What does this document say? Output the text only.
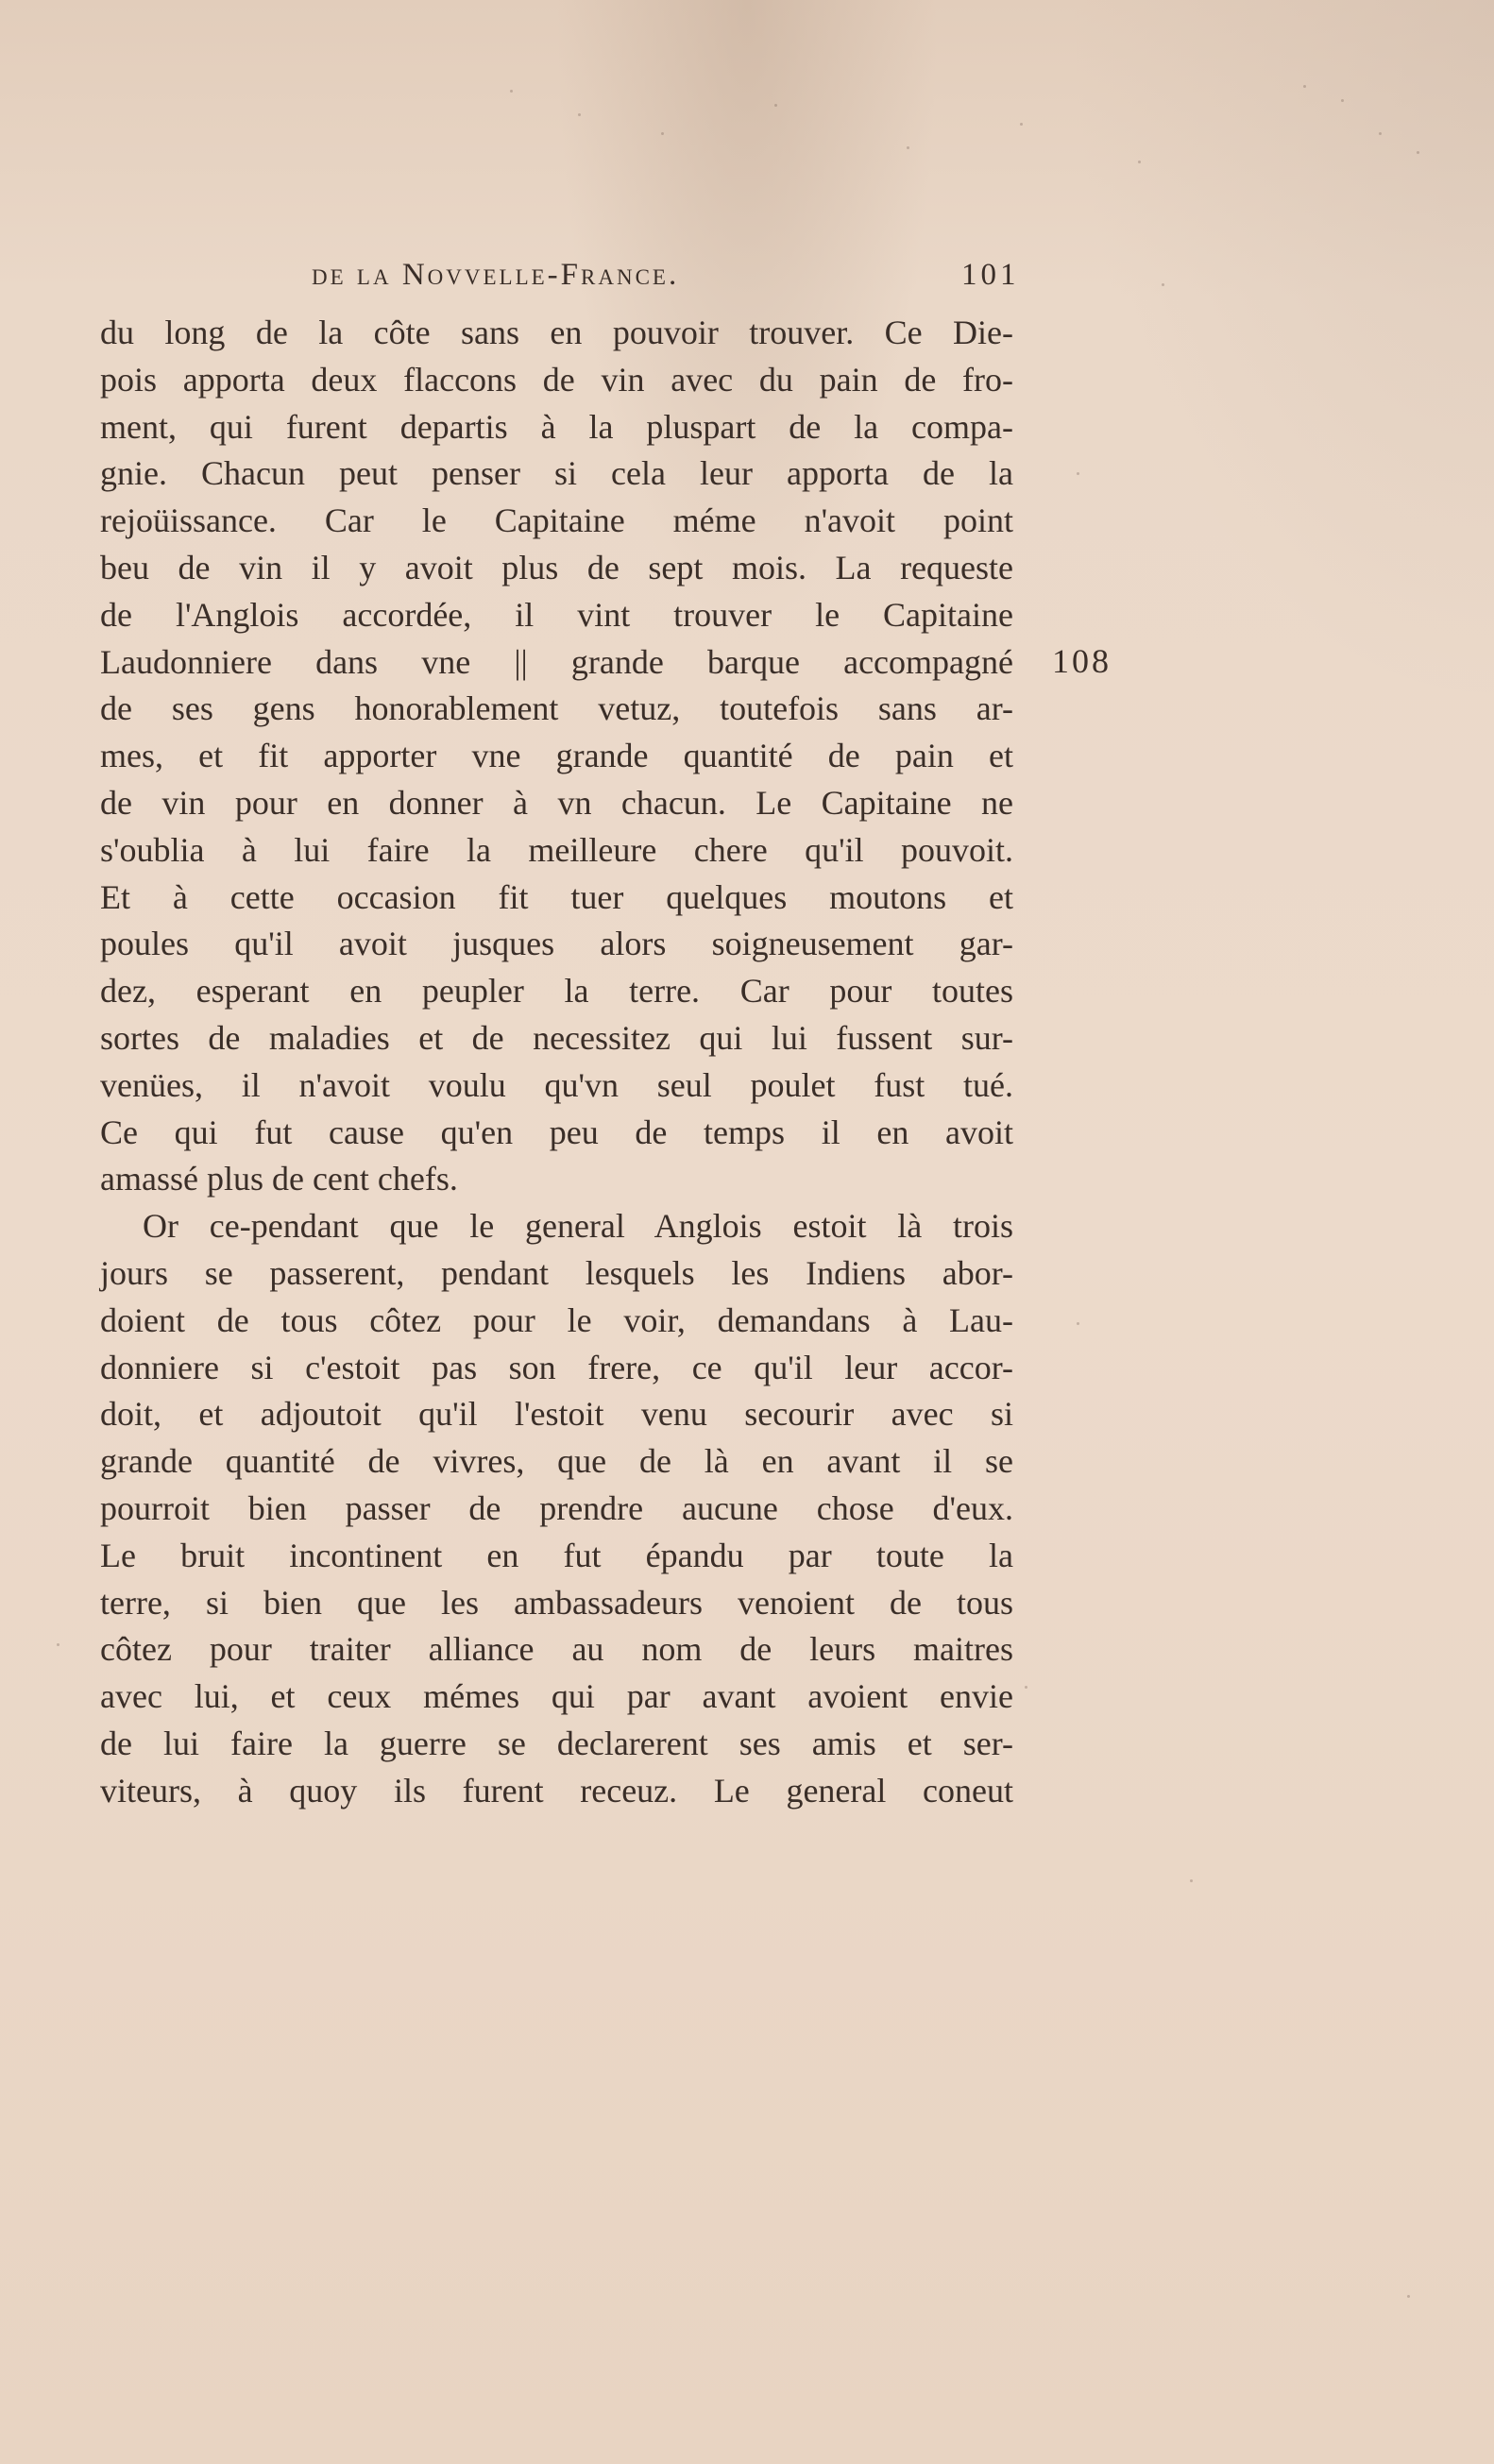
de la Novvelle-France.	101
108
du long de la côte sans en pouvoir trouver. Ce Die-
pois apporta deux flaccons de vin avec du pain de fro-
ment, qui furent departis à la pluspart de la compa-
gnie. Chacun peut penser si cela leur apporta de la
rejoüissance. Car le Capitaine méme n'avoit point
beu de vin il y avoit plus de sept mois. La requeste
de l'Anglois accordée, il vint trouver le Capitaine
Laudonniere dans vne || grande barque accompagné
de ses gens honorablement vetuz, toutefois sans ar-
mes, et fit apporter vne grande quantité de pain et
de vin pour en donner à vn chacun. Le Capitaine ne
s'oublia à lui faire la meilleure chere qu'il pouvoit.
Et à cette occasion fit tuer quelques moutons et
poules qu'il avoit jusques alors soigneusement gar-
dez, esperant en peupler la terre. Car pour toutes
sortes de maladies et de necessitez qui lui fussent sur-
venües, il n'avoit voulu qu'vn seul poulet fust tué.
Ce qui fut cause qu'en peu de temps il en avoit
amassé plus de cent chefs.
Or ce-pendant que le general Anglois estoit là trois
jours se passerent, pendant lesquels les Indiens abor-
doient de tous côtez pour le voir, demandans à Lau-
donniere si c'estoit pas son frere, ce qu'il leur accor-
doit, et adjoutoit qu'il l'estoit venu secourir avec si
grande quantité de vivres, que de là en avant il se
pourroit bien passer de prendre aucune chose d'eux.
Le bruit incontinent en fut épandu par toute la
terre, si bien que les ambassadeurs venoient de tous
côtez pour traiter alliance au nom de leurs maitres
avec lui, et ceux mémes qui par avant avoient envie
de lui faire la guerre se declarerent ses amis et ser-
viteurs, à quoy ils furent receuz. Le general coneut
